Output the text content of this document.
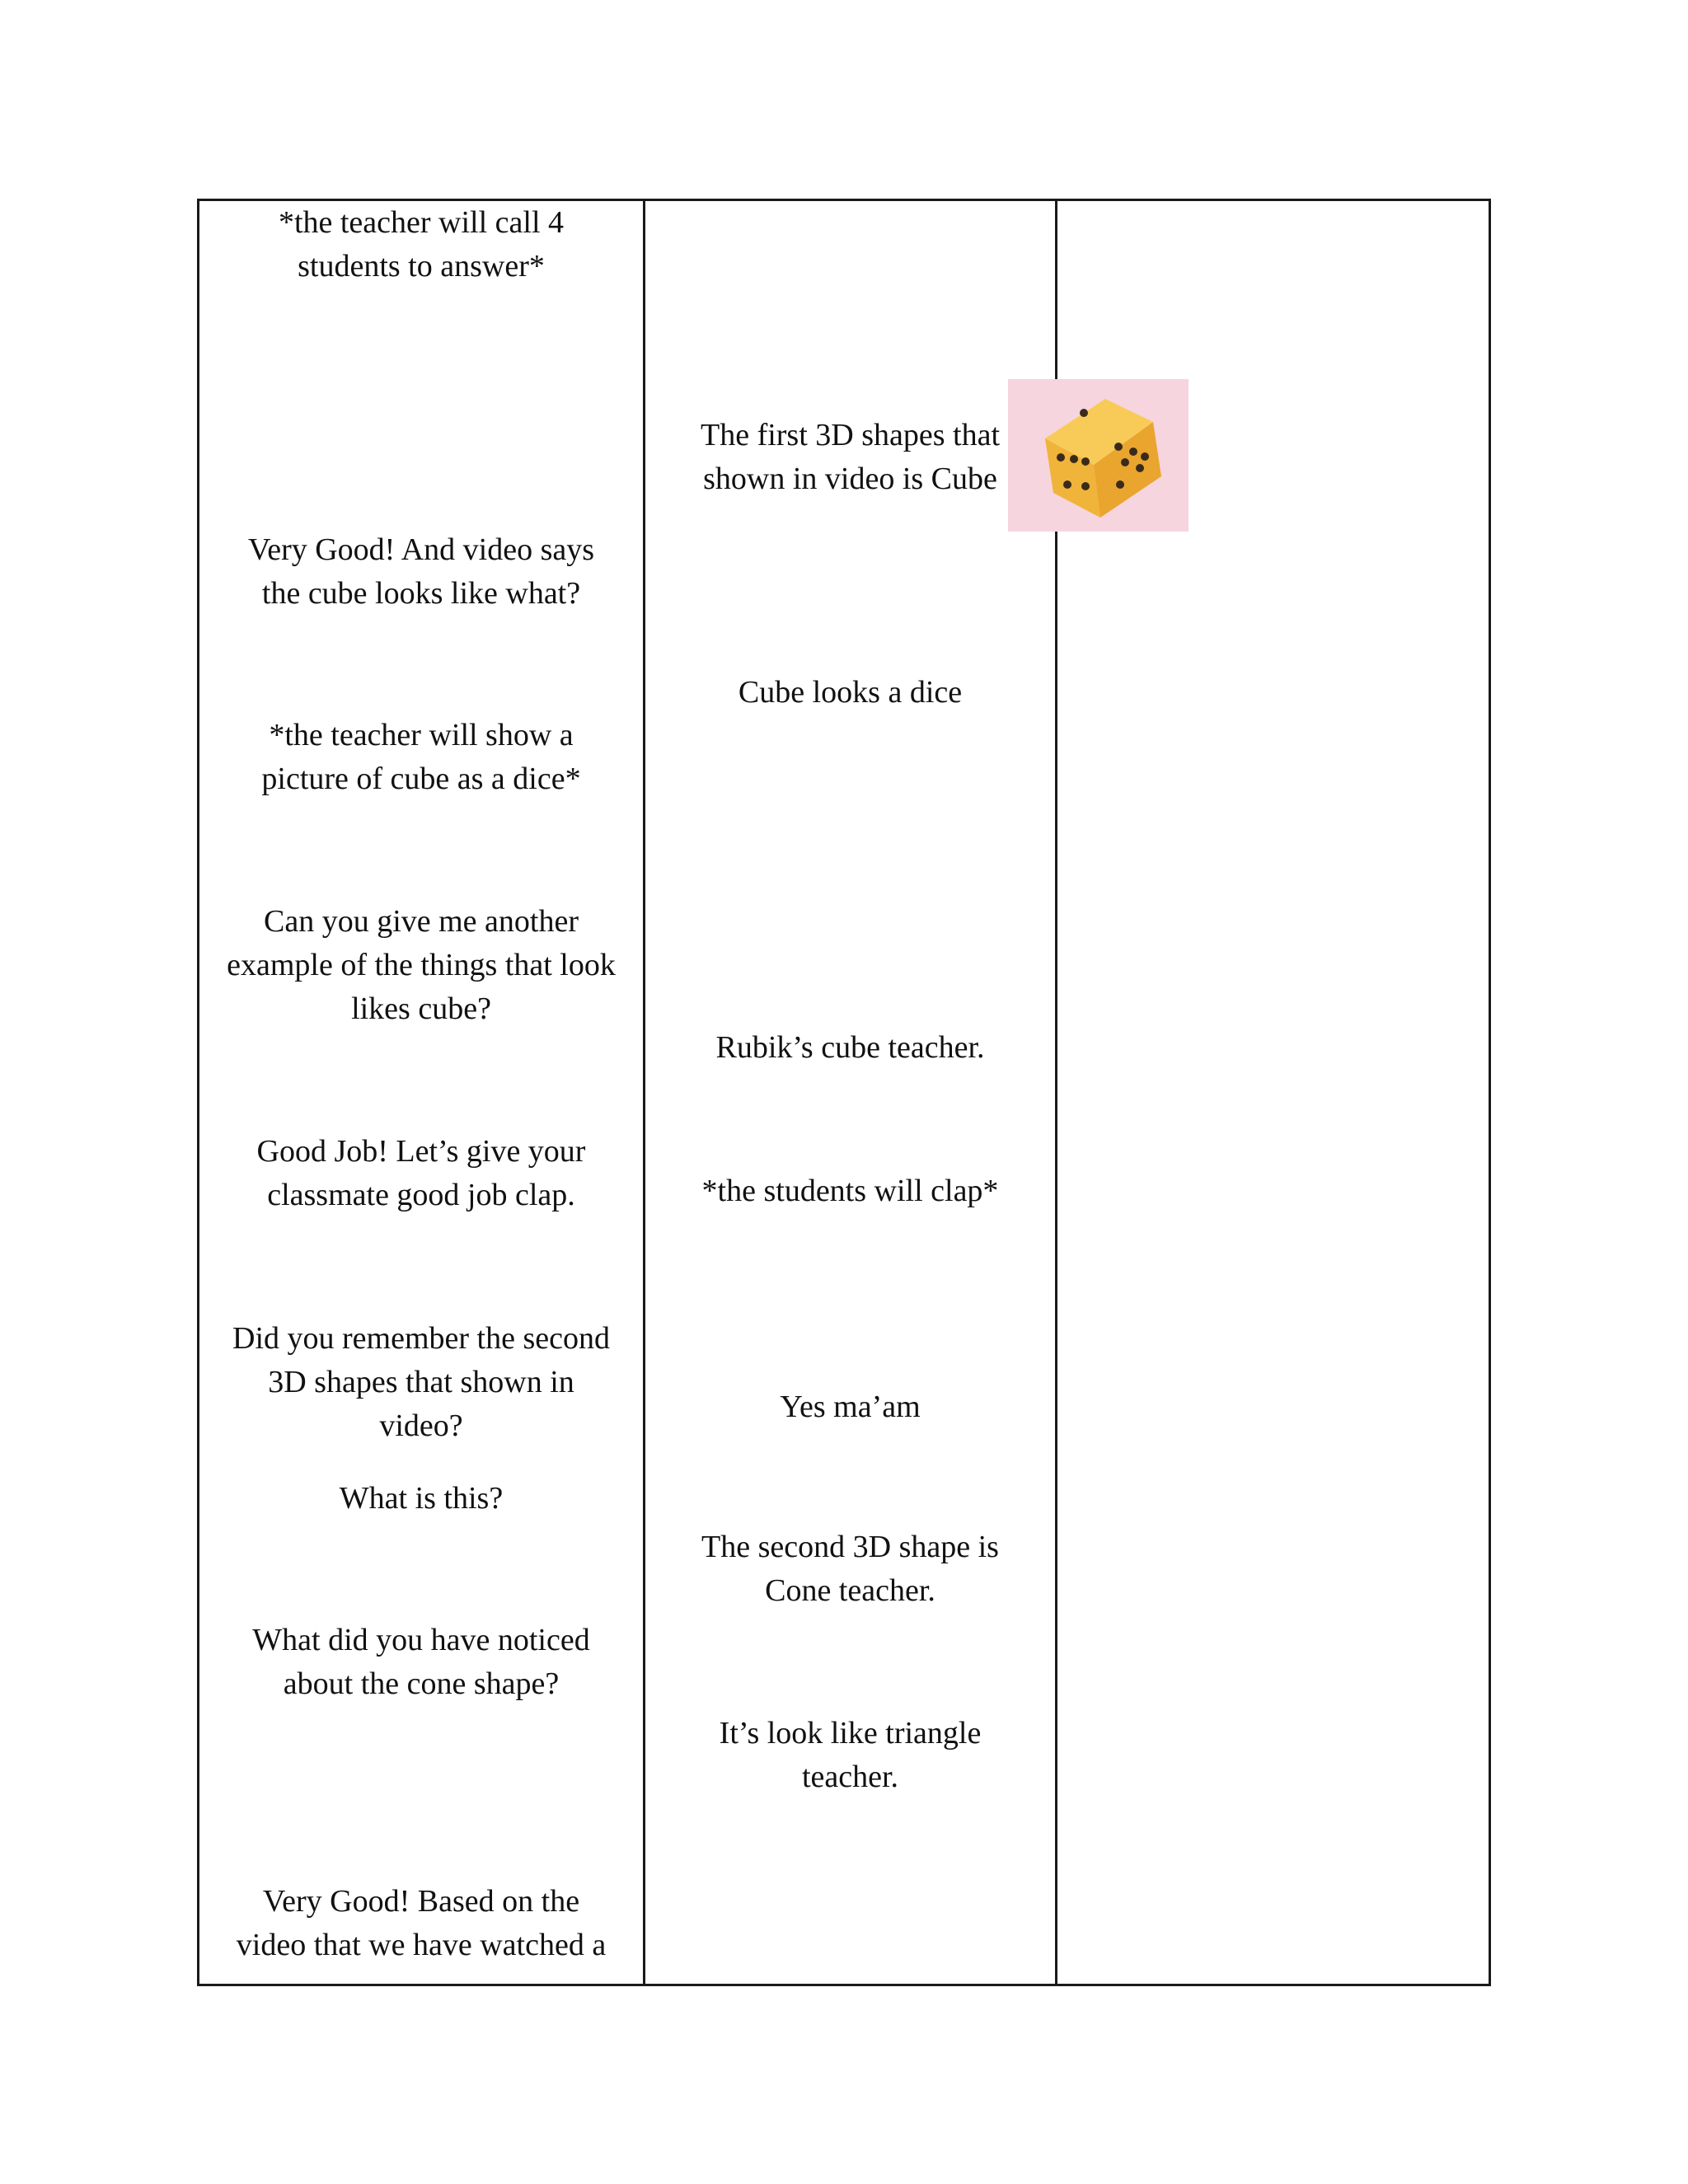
*the teacher will call 4
students to answer*
Very Good! And video says
the cube looks like what?
*the teacher will show a
picture of cube as a dice*
Can you give me another
example of the things that look
likes cube?
Good Job! Let’s give your
classmate good job clap.
Did you remember the second
3D shapes that shown in
video?
What is this?
What did you have noticed
about the cone shape?
Very Good! Based on the
video that we have watched a
The first 3D shapes that
shown in video is Cube
Cube looks a dice
Rubik’s cube teacher.
*the students will clap*
Yes ma’am
The second 3D shape is
Cone teacher.
It’s look like triangle
teacher.
